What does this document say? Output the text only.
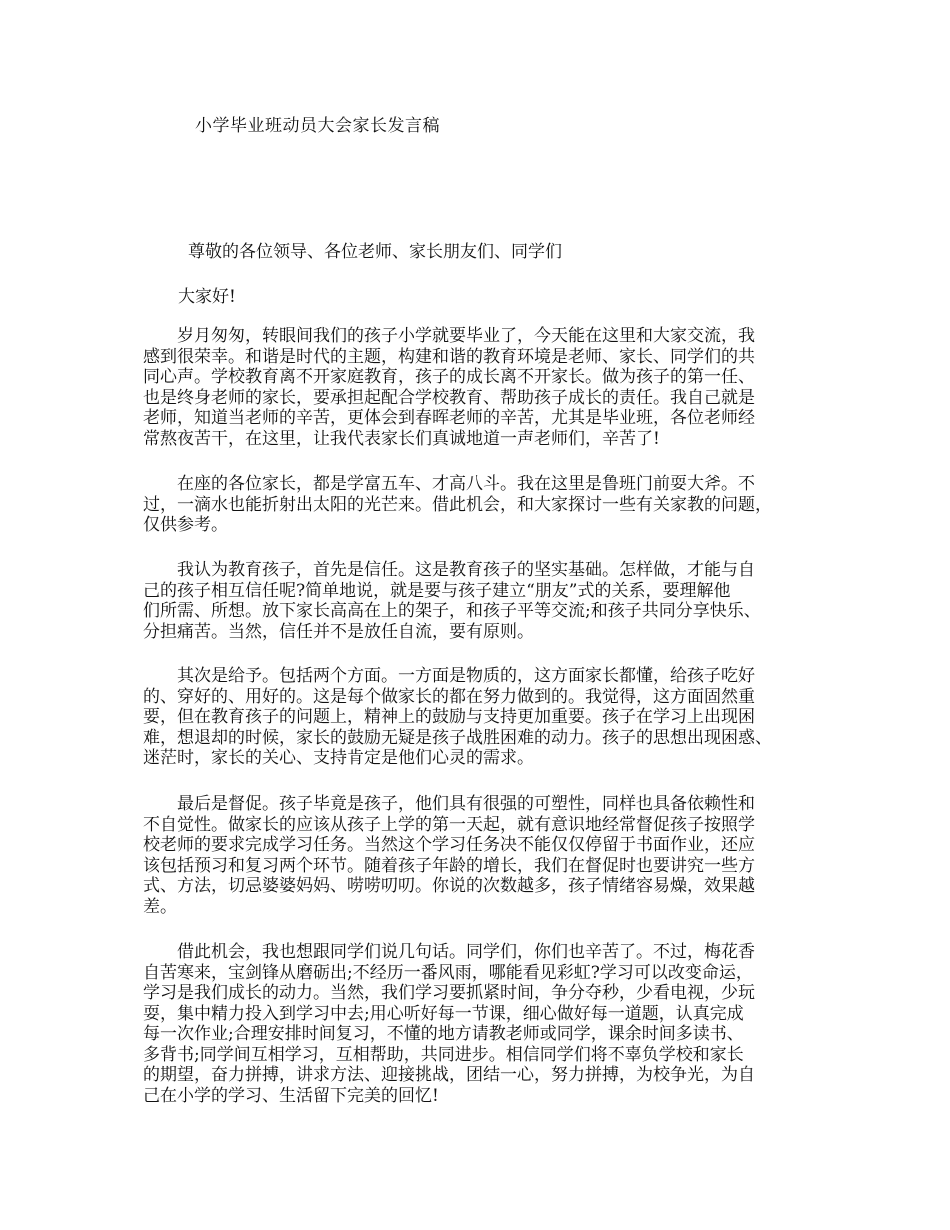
小学毕业班动员大会家长发言稿
尊敬的各位领导、各位老师、家长朋友们、同学们
大家好!
　　岁月匆匆，转眼间我们的孩子小学就要毕业了，今天能在这里和大家交流，我
感到很荣幸。和谐是时代的主题，构建和谐的教育环境是老师、家长、同学们的共
同心声。学校教育离不开家庭教育，孩子的成长离不开家长。做为孩子的第一任、
也是终身老师的家长，要承担起配合学校教育、帮助孩子成长的责任。我自己就是
老师，知道当老师的辛苦，更体会到春晖老师的辛苦，尤其是毕业班，各位老师经
常熬夜苦干，在这里，让我代表家长们真诚地道一声老师们，辛苦了!
　　在座的各位家长，都是学富五车、才高八斗。我在这里是鲁班门前耍大斧。不
过，一滴水也能折射出太阳的光芒来。借此机会，和大家探讨一些有关家教的问题，
仅供参考。
　　我认为教育孩子，首先是信任。这是教育孩子的坚实基础。怎样做，才能与自
己的孩子相互信任呢?简单地说，就是要与孩子建立“朋友”式的关系，要理解他
们所需、所想。放下家长高高在上的架子，和孩子平等交流;和孩子共同分享快乐、
分担痛苦。当然，信任并不是放任自流，要有原则。
　　其次是给予。包括两个方面。一方面是物质的，这方面家长都懂，给孩子吃好
的、穿好的、用好的。这是每个做家长的都在努力做到的。我觉得，这方面固然重
要，但在教育孩子的问题上，精神上的鼓励与支持更加重要。孩子在学习上出现困
难，想退却的时候，家长的鼓励无疑是孩子战胜困难的动力。孩子的思想出现困惑、
迷茫时，家长的关心、支持肯定是他们心灵的需求。
　　最后是督促。孩子毕竟是孩子，他们具有很强的可塑性，同样也具备依赖性和
不自觉性。做家长的应该从孩子上学的第一天起，就有意识地经常督促孩子按照学
校老师的要求完成学习任务。当然这个学习任务决不能仅仅停留于书面作业，还应
该包括预习和复习两个环节。随着孩子年龄的增长，我们在督促时也要讲究一些方
式、方法，切忌婆婆妈妈、唠唠叨叨。你说的次数越多，孩子情绪容易燥，效果越
差。
　　借此机会，我也想跟同学们说几句话。同学们，你们也辛苦了。不过，梅花香
自苦寒来，宝剑锋从磨砺出;不经历一番风雨，哪能看见彩虹?学习可以改变命运，
学习是我们成长的动力。当然，我们学习要抓紧时间，争分夺秒，少看电视，少玩
耍，集中精力投入到学习中去;用心听好每一节课，细心做好每一道题，认真完成
每一次作业;合理安排时间复习，不懂的地方请教老师或同学，课余时间多读书、
多背书;同学间互相学习，互相帮助，共同进步。相信同学们将不辜负学校和家长
的期望，奋力拼搏，讲求方法、迎接挑战，团结一心，努力拼搏，为校争光，为自
己在小学的学习、生活留下完美的回忆!
